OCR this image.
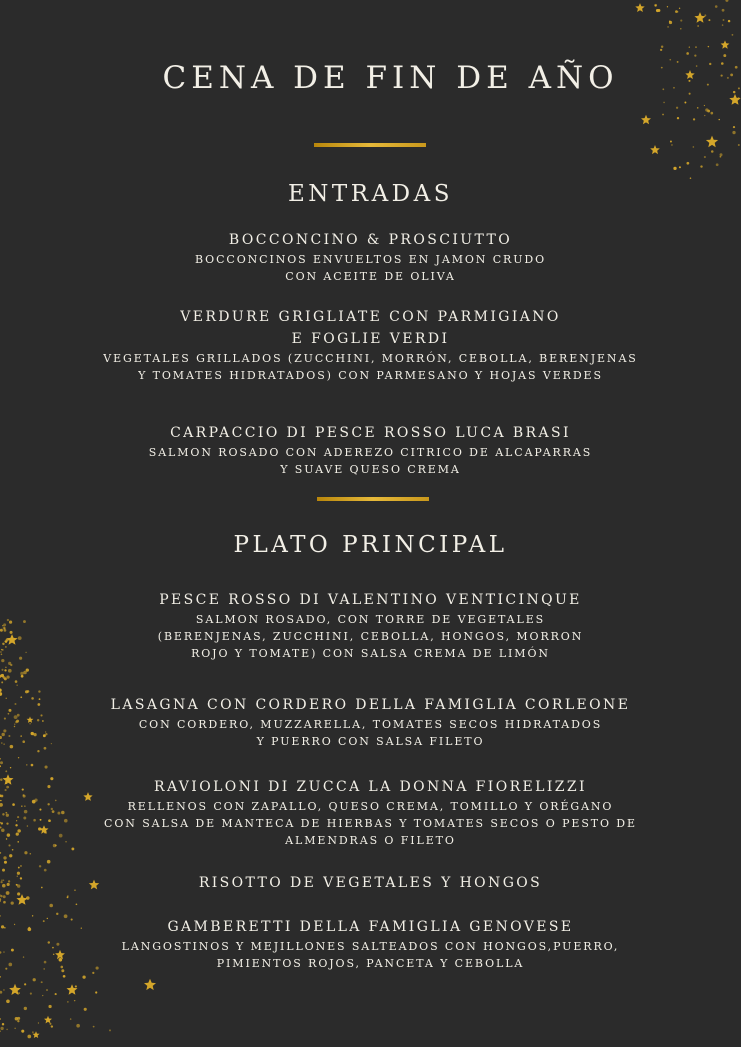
CENA DE FIN DE AÑO
ENTRADAS
BOCCONCINO & PROSCIUTTO
BOCCONCINOS ENVUELTOS EN JAMON CRUDO
CON ACEITE DE OLIVA
VERDURE GRIGLIATE CON PARMIGIANO
E FOGLIE VERDI
VEGETALES GRILLADOS (ZUCCHINI, MORRÓN, CEBOLLA, BERENJENAS
Y TOMATES HIDRATADOS) CON PARMESANO Y HOJAS VERDES
CARPACCIO DI PESCE ROSSO LUCA BRASI
SALMON ROSADO CON ADEREZO CITRICO DE ALCAPARRAS
Y SUAVE QUESO CREMA
PLATO PRINCIPAL
PESCE ROSSO DI VALENTINO VENTICINQUE
SALMON ROSADO, CON TORRE DE VEGETALES
(BERENJENAS, ZUCCHINI, CEBOLLA, HONGOS, MORRON
ROJO Y TOMATE) CON SALSA CREMA DE LIMÓN
LASAGNA CON CORDERO DELLA FAMIGLIA CORLEONE
CON CORDERO, MUZZARELLA, TOMATES SECOS HIDRATADOS
Y PUERRO CON SALSA FILETO
RAVIOLONI DI ZUCCA LA DONNA FIORELIZZI
RELLENOS CON ZAPALLO, QUESO CREMA, TOMILLO Y ORÉGANO
CON SALSA DE MANTECA DE HIERBAS Y TOMATES SECOS O PESTO DE
ALMENDRAS O FILETO
RISOTTO DE VEGETALES Y HONGOS
GAMBERETTI DELLA FAMIGLIA GENOVESE
LANGOSTINOS Y MEJILLONES SALTEADOS CON HONGOS,PUERRO,
PIMIENTOS ROJOS, PANCETA Y CEBOLLA
